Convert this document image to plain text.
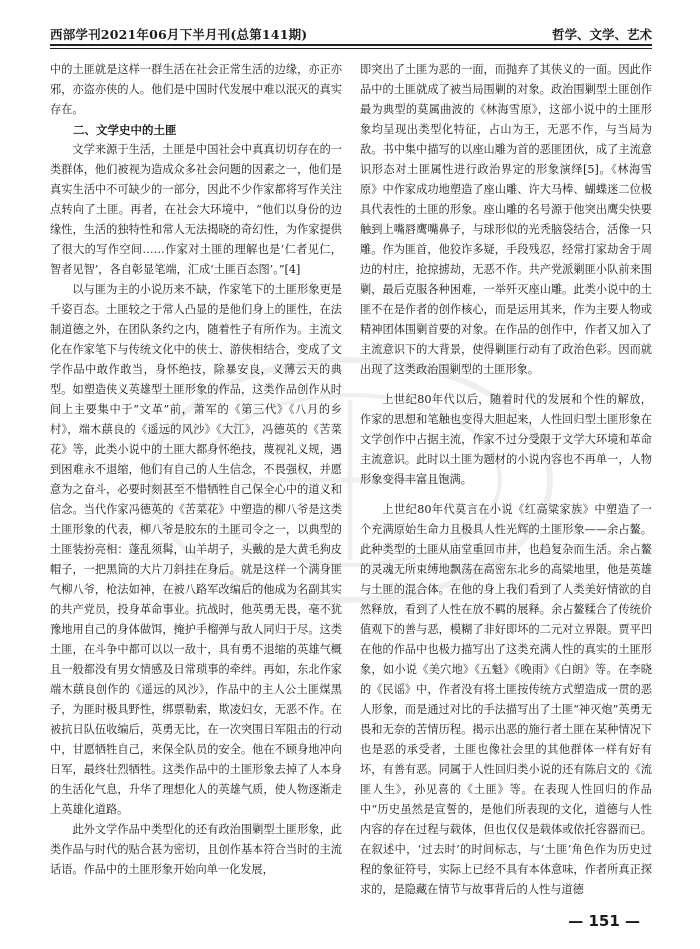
西部学刊2021年06月下半月刊(总第141期)	哲学、文学、艺术

中的土匪就是这样一群生活在社会正常生活的边缘，亦正亦邪，亦盗亦侠的人。他们是中国时代发展中难以泯灭的真实存在。

二、文学史中的土匪

文学来源于生活，土匪是中国社会中真真切切存在的一类群体，他们被视为造成众多社会问题的因素之一，他们是真实生活中不可缺少的一部分，因此不少作家都将写作关注点转向了土匪。再者，在社会大环境中，“他们以身份的边缘性，生活的独特性和常人无法揭晓的奇幻性，为作家提供了很大的写作空间……作家对土匪的理解也是‘仁者见仁，智者见智’，各自彰显笔端，汇成‘土匪百态图’。”[4]

以与匪为主的小说历来不缺，作家笔下的土匪形象更是千姿百态。土匪较之于常人凸显的是他们身上的匪性，在法制道德之外，在团队条约之内，随着性子有所作为。主流文化在作家笔下与传统文化中的侠士、游侠相结合，变成了文学作品中敢作敢当，身怀绝技，除暴安良，义薄云天的典型。如塑造侠义英雄型土匪形象的作品，这类作品创作从时间上主要集中于“文革”前，萧军的《第三代》《八月的乡村》，端木蕻良的《遥远的风沙》《大江》，冯德英的《苦菜花》等，此类小说中的土匪大都身怀绝技，蔑视礼义规，遇到困难永不退缩，他们有自己的人生信念，不畏强权，并愿意为之奋斗，必要时刻甚至不惜牺牲自己保全心中的道义和信念。当代作家冯德英的《苦菜花》中塑造的柳八爷是这类土匪形象的代表，柳八爷是胶东的土匪司令之一，以典型的土匪装扮亮相：蓬乱须髯，山羊胡子，头戴的是大黄毛狗皮帽子，一把黑筒的大片刀斜挂在身后。就是这样一个满身匪气柳八爷，枪法如神，在被八路军改编后的他成为名副其实的共产党员，投身革命事业。抗战时，他英勇无畏，毫不犹豫地用自己的身体做饵，掩护手榴弹与敌人同归于尽。这类土匪，在斗争中都可以以一敌十，具有勇不退缩的英雄气概且一般都没有男女情感及日常琐事的牵绊。再如，东北作家端木蕻良创作的《遥远的风沙》，作品中的主人公土匪煤黑子，为匪时极具野性，绑票勒索，欺凌妇女，无恶不作。在被抗日队伍收编后，英勇无比，在一次突围日军阻击的行动中，甘愿牺牲自己，来保全队员的安全。他在不顾身地冲向日军，最终壮烈牺牲。这类作品中的土匪形象去掉了人本身的生活化气息，升华了理想化人的英雄气质，使人物逐渐走上英雄化道路。

此外文学作品中类型化的还有政治围剿型土匪形象，此类作品与时代的贴合甚为密切，且创作基本符合当时的主流话语。作品中的土匪形象开始向单一化发展，

即突出了土匪为恶的一面，而抛弃了其侠义的一面。因此作品中的土匪就成了被当局围剿的对象。政治围剿型土匪创作最为典型的莫属曲波的《林海雪原》，这部小说中的土匪形象均呈现出类型化特征，占山为王，无恶不作，与当局为敌。书中集中描写的以座山雕为首的恶匪团伙，成了主流意识形态对土匪属性进行政治界定的形象演绎[5]。《林海雪原》中作家成功地塑造了座山雕、许大马棒、蝴蝶迷二位极具代表性的土匪的形象。座山雕的名号源于他突出鹰尖快要触到上嘴唇鹰嘴鼻子，与球形似的光秃脑袋结合，活像一只雕。作为匪首，他狡诈多疑，手段残忍，经常打家劫舍于周边的村庄，抢掠掳劫，无恶不作。共产党派剿匪小队前来围剿，最后克服各种困难，一举歼灭座山雕。此类小说中的土匪不在是作者的创作核心，而是运用其来，作为主要人物或精神团体围剿首要的对象。在作品的创作中，作者又加入了主流意识下的大背景，使得剿匪行动有了政治色彩。因而就出现了这类政治围剿型的土匪形象。

上世纪80年代以后，随着时代的发展和个性的解放，作家的思想和笔触也变得大胆起来，人性回归型土匪形象在文学创作中占据主流，作家不过分受限于文学大环境和革命主流意识。此时以土匪为题材的小说内容也不再单一，人物形象变得丰富且饱满。

上世纪80年代莫言在小说《红高粱家族》中塑造了一个充满原始生命力且极具人性光辉的土匪形象——余占鳌。此种类型的土匪从庙堂重回市井，也趋复杂而生活。余占鳌的灵魂无所束缚地飘荡在高密东北乡的高粱地里，他是英雄与土匪的混合体。在他的身上我们看到了人类美好情欲的自然释放，看到了人性在放不羁的展释。余占鳌糅合了传统价值观下的善与恶，模糊了非好即坏的二元对立界限。贾平凹在他的作品中也极力描写出了这类充满人性的真实的土匪形象，如小说《美穴地》《五魁》《晚雨》《白朗》等。在李晓的《民谣》中，作者没有将土匪按传统方式塑造成一贯的恶人形象，而是通过对比的手法描写出了土匪“神灭炮”英勇无畏和无奈的苦情历程。揭示出恶的施行者土匪在某种情况下也是恶的承受者，土匪也像社会里的其他群体一样有好有坏，有善有恶。同属于人性回归类小说的还有陈启文的《流匪人生》，孙见喜的《土匪》等。在表现人性回归的作品中“历史虽然是宣誓的，是他们所表现的文化，道德与人性内容的存在过程与载体，但也仅仅是载体或依托容器而已。在叙述中，‘过去时’的时间标志，与‘土匪’角色作为历史过程的象征符号，实际上已经不具有本体意味，作者所真正探求的，是隐藏在情节与故事背后的人性与道德

— 151 —
